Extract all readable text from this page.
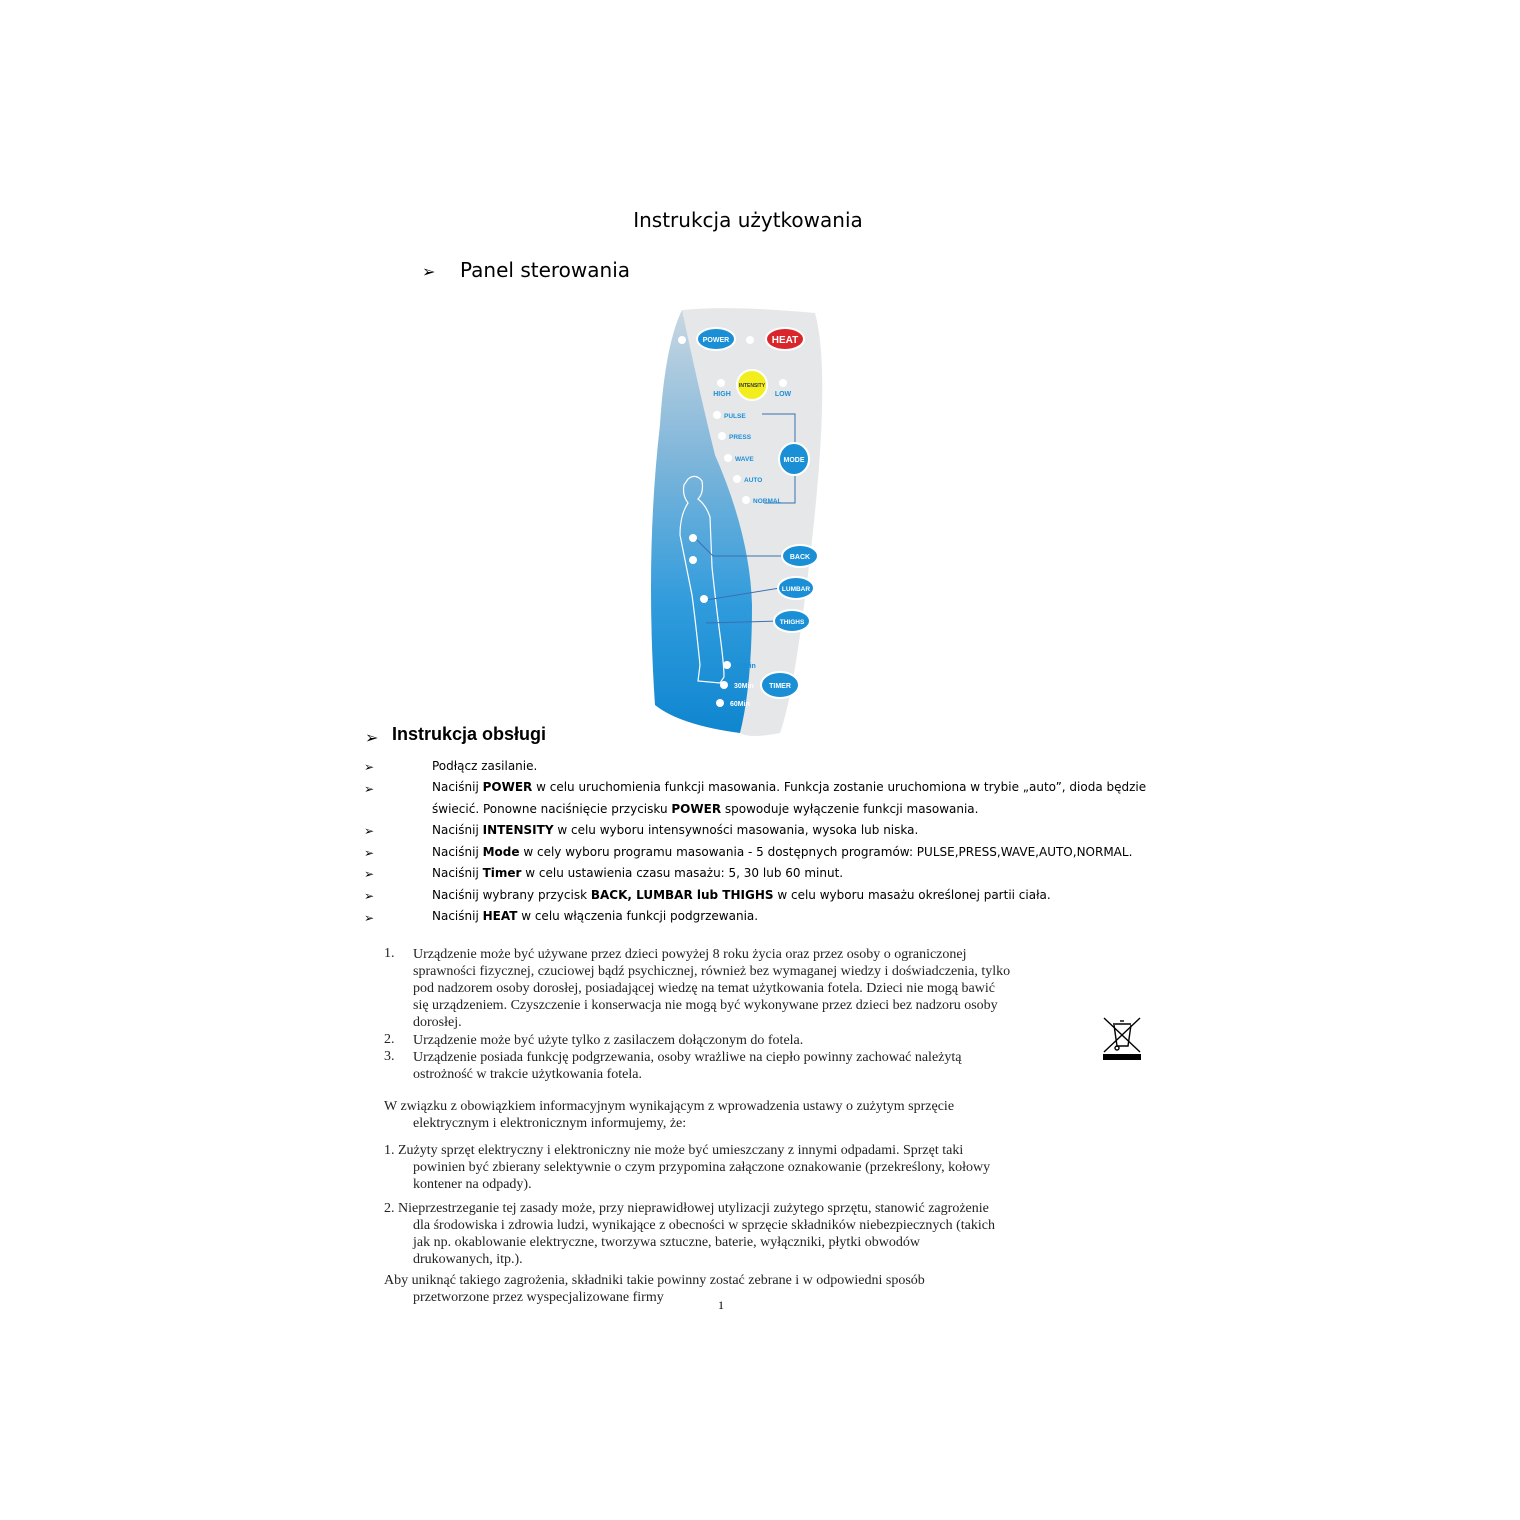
Instrukcja użytkowania
➢ Panel sterowania
POWER	HEAT
INTENSITY
HIGH	LOW
PULSE
PRESS
WAVE
AUTO
NORMAL
MODE
BACK
LUMBAR
THIGHS
15Min
30Min
60Min
TIMER
➢ Instrukcja obsługi
➢	Podłącz zasilanie.
➢	Naciśnij POWER w celu uruchomienia funkcji masowania. Funkcja zostanie uruchomiona w trybie „auto”, dioda będzie
świecić. Ponowne naciśnięcie przycisku POWER spowoduje wyłączenie funkcji masowania.
➢	Naciśnij INTENSITY w celu wyboru intensywności masowania, wysoka lub niska.
➢	Naciśnij Mode w cely wyboru programu masowania - 5 dostępnych programów: PULSE,PRESS,WAVE,AUTO,NORMAL.
➢	Naciśnij Timer w celu ustawienia czasu masażu: 5, 30 lub 60 minut.
➢	Naciśnij wybrany przycisk BACK, LUMBAR lub THIGHS w celu wyboru masażu określonej partii ciała.
➢	Naciśnij HEAT w celu włączenia funkcji podgrzewania.
1. Urządzenie może być używane przez dzieci powyżej 8 roku życia oraz przez osoby o ograniczonej
sprawności fizycznej, czuciowej bądź psychicznej, również bez wymaganej wiedzy i doświadczenia, tylko
pod nadzorem osoby dorosłej, posiadającej wiedzę na temat użytkowania fotela. Dzieci nie mogą bawić
się urządzeniem. Czyszczenie i konserwacja nie mogą być wykonywane przez dzieci bez nadzoru osoby
dorosłej.
2. Urządzenie może być użyte tylko z zasilaczem dołączonym do fotela.
3. Urządzenie posiada funkcję podgrzewania, osoby wrażliwe na ciepło powinny zachować należytą
ostrożność w trakcie użytkowania fotela.
W związku z obowiązkiem informacyjnym wynikającym z wprowadzenia ustawy o zużytym sprzęcie
elektrycznym i elektronicznym informujemy, że:
1. Zużyty sprzęt elektryczny i elektroniczny nie może być umieszczany z innymi odpadami. Sprzęt taki
powinien być zbierany selektywnie o czym przypomina załączone oznakowanie (przekreślony, kołowy
kontener na odpady).
2. Nieprzestrzeganie tej zasady może, przy nieprawidłowej utylizacji zużytego sprzętu, stanowić zagrożenie
dla środowiska i zdrowia ludzi, wynikające z obecności w sprzęcie składników niebezpiecznych (takich
jak np. okablowanie elektryczne, tworzywa sztuczne, baterie, wyłączniki, płytki obwodów
drukowanych, itp.).
Aby uniknąć takiego zagrożenia, składniki takie powinny zostać zebrane i w odpowiedni sposób
przetworzone przez wyspecjalizowane firmy	1
